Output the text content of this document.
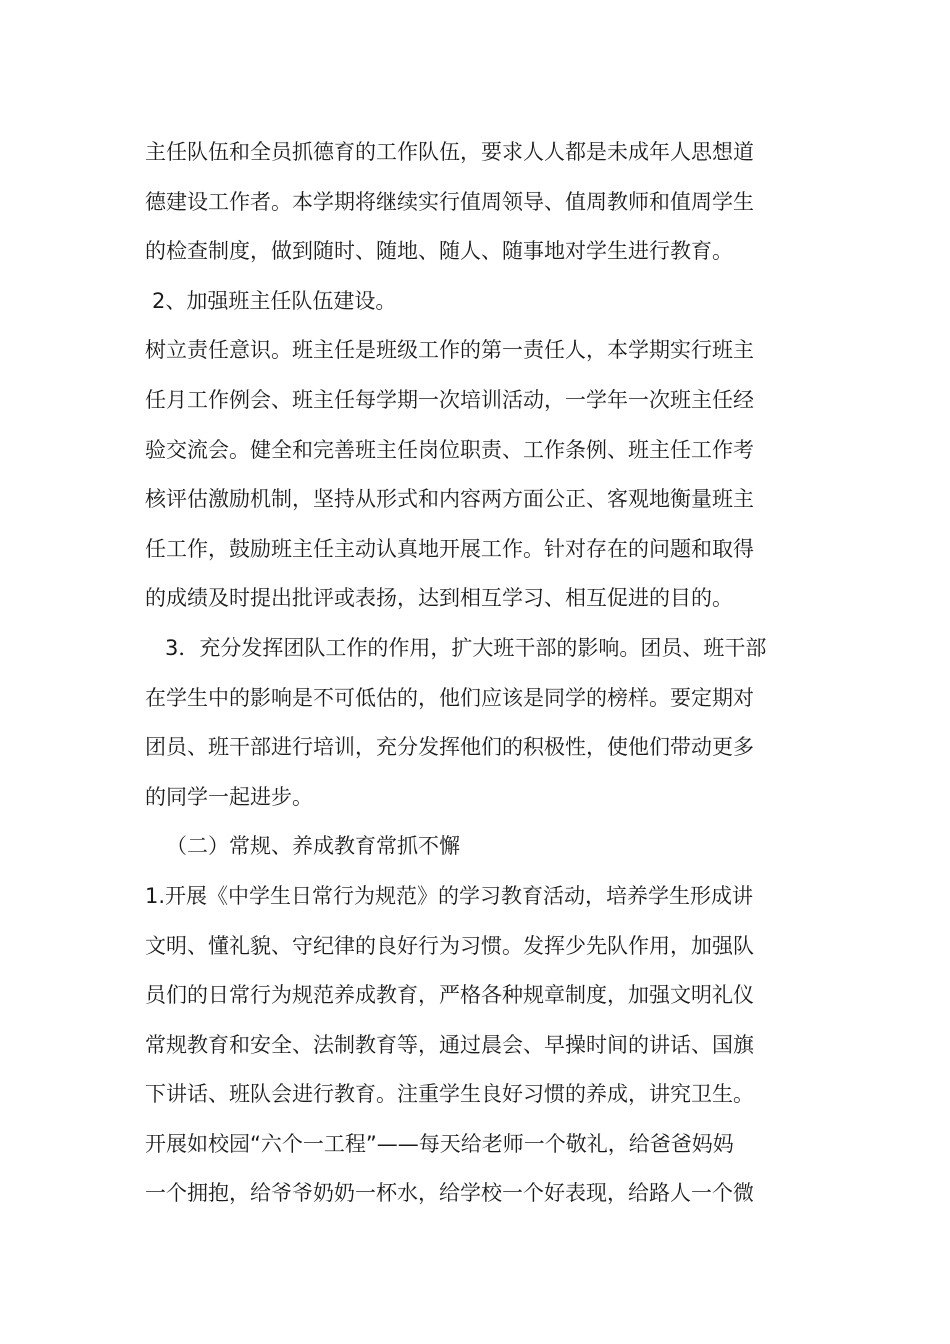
主任队伍和全员抓德育的工作队伍，要求人人都是未成年人思想道
德建设工作者。本学期将继续实行值周领导、值周教师和值周学生
的检查制度，做到随时、随地、随人、随事地对学生进行教育。
2、加强班主任队伍建设。
树立责任意识。班主任是班级工作的第一责任人，本学期实行班主
任月工作例会、班主任每学期一次培训活动，一学年一次班主任经
验交流会。健全和完善班主任岗位职责、工作条例、班主任工作考
核评估激励机制，坚持从形式和内容两方面公正、客观地衡量班主
任工作，鼓励班主任主动认真地开展工作。针对存在的问题和取得
的成绩及时提出批评或表扬，达到相互学习、相互促进的目的。
3．充分发挥团队工作的作用，扩大班干部的影响。团员、班干部
在学生中的影响是不可低估的，他们应该是同学的榜样。要定期对
团员、班干部进行培训，充分发挥他们的积极性，使他们带动更多
的同学一起进步。
（二）常规、养成教育常抓不懈
1.开展《中学生日常行为规范》的学习教育活动，培养学生形成讲
文明、懂礼貌、守纪律的良好行为习惯。发挥少先队作用，加强队
员们的日常行为规范养成教育，严格各种规章制度，加强文明礼仪
常规教育和安全、法制教育等，通过晨会、早操时间的讲话、国旗
下讲话、班队会进行教育。注重学生良好习惯的养成，讲究卫生。
开展如校园“六个一工程”——每天给老师一个敬礼，给爸爸妈妈
一个拥抱，给爷爷奶奶一杯水，给学校一个好表现，给路人一个微
